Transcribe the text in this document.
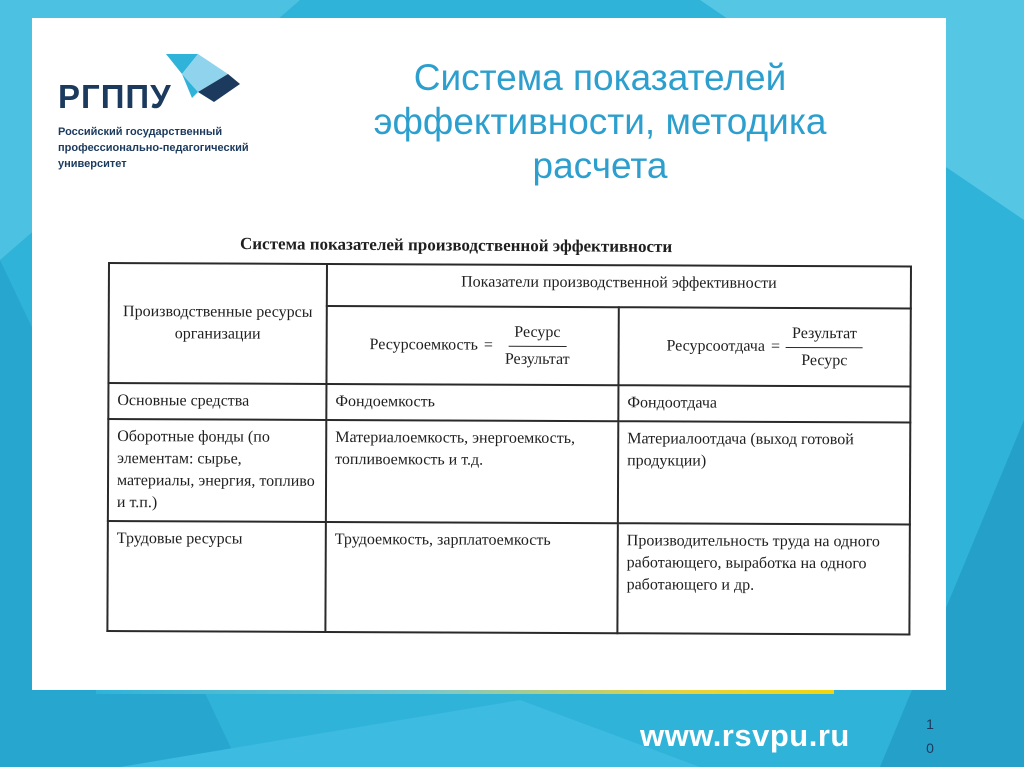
РГППУ
Российский государственный
профессионально-педагогический
университет
Система показателей
эффективности, методика
расчета
Система показателей производственной эффективности
Производственные ресурсы организации	Показатели производственной эффективности	

	Ресурсоемкость = $\frac{\text{Ресурс}}{\text{Результат}}$	Ресурсоотдача = $\frac{\text{Результат}}{\text{Ресурс}}$

Основные средства	Фондоемкость	Фондоотдача
Оборотные фонды (по элементам: сырье, материалы, энергия, топливо и т.п.)	Материалоемкость, энергоемкость, топливоемкость и т.д.	Материалоотдача (выход готовой продукции)
Трудовые ресурсы	Трудоемкость, зарплатоемкость	Производительность труда на одного работающего, выработка на одного работающего и др.
www.rsvpu.ru	10
